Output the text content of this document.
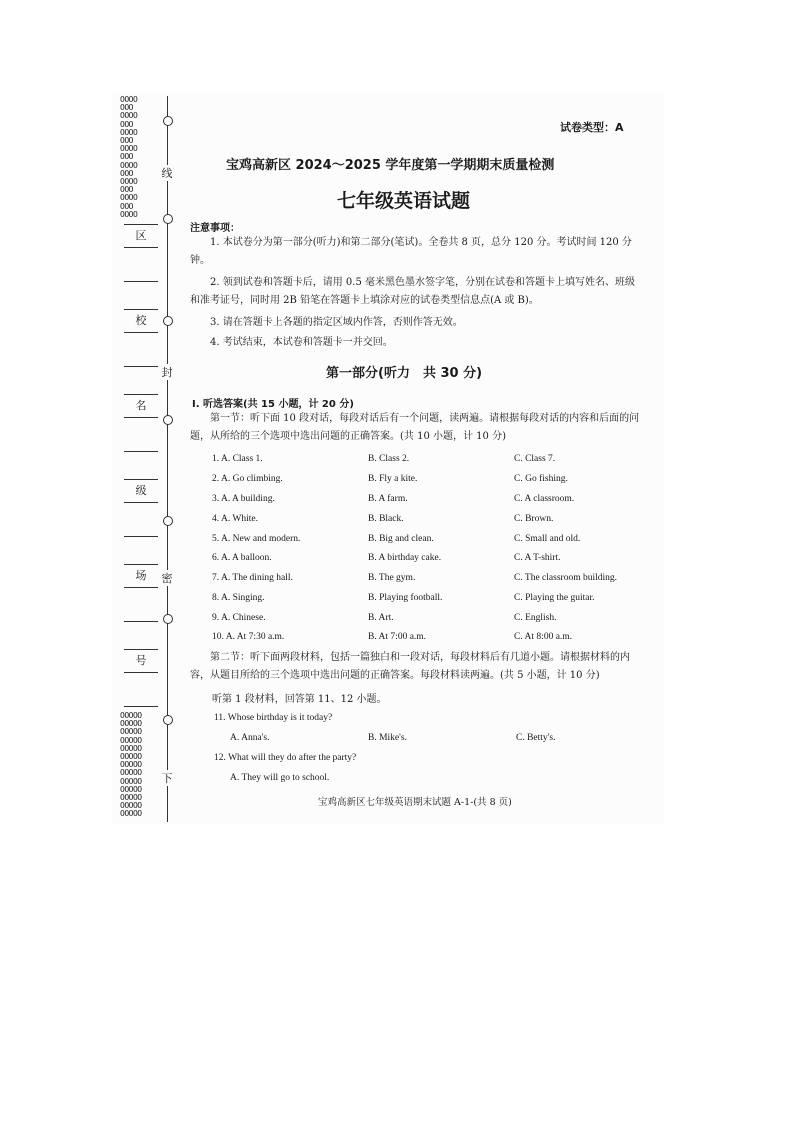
OOOO
OOO
OOOO
OOO
OOOO
OOO
OOOO
OOO
OOOO
OOO
OOOO
OOO
OOOO
OOO
OOOO
OOOOO
OOOOO
OOOOO
OOOOO
OOOOO
OOOOO
OOOOO
OOOOO
OOOOO
OOOOO
OOOOO
OOOOO
OOOOO
线
封
密
下
区
校
名
级
场
号
试卷类型：A
宝鸡高新区 2024～2025 学年度第一学期期末质量检测
七年级英语试题
注意事项：
1. 本试卷分为第一部分(听力)和第二部分(笔试)。全卷共 8 页，总分 120 分。考试时间 120 分钟。
2. 领到试卷和答题卡后，请用 0.5 毫米黑色墨水签字笔，分别在试卷和答题卡上填写姓名、班级和准考证号，同时用 2B 铅笔在答题卡上填涂对应的试卷类型信息点(A 或 B)。
3. 请在答题卡上各题的指定区域内作答，否则作答无效。
4. 考试结束，本试卷和答题卡一并交回。
第一部分(听力　共 30 分)
Ⅰ. 听选答案(共 15 小题，计 20 分)
第一节：听下面 10 段对话，每段对话后有一个问题，读两遍。请根据每段对话的内容和后面的问题，从所给的三个选项中选出问题的正确答案。(共 10 小题，计 10 分)
1. A. Class 1.	B. Class 2.	C. Class 7.
2. A. Go climbing.	B. Fly a kite.	C. Go fishing.
3. A. A building.	B. A farm.	C. A classroom.
4. A. White.	B. Black.	C. Brown.
5. A. New and modern.	B. Big and clean.	C. Small and old.
6. A. A balloon.	B. A birthday cake.	C. A T-shirt.
7. A. The dining hall.	B. The gym.	C. The classroom building.
8. A. Singing.	B. Playing football.	C. Playing the guitar.
9. A. Chinese.	B. Art.	C. English.
10. A. At 7:30 a.m.	B. At 7:00 a.m.	C. At 8:00 a.m.
第二节：听下面两段材料，包括一篇独白和一段对话，每段材料后有几道小题。请根据材料的内容，从题目所给的三个选项中选出问题的正确答案。每段材料读两遍。(共 5 小题，计 10 分)
听第 1 段材料，回答第 11、12 小题。
11. Whose birthday is it today?
A. Anna's.	B. Mike's.	C. Betty's.
12. What will they do after the party?
A. They will go to school.
宝鸡高新区七年级英语期末试题 A-1-(共 8 页)
